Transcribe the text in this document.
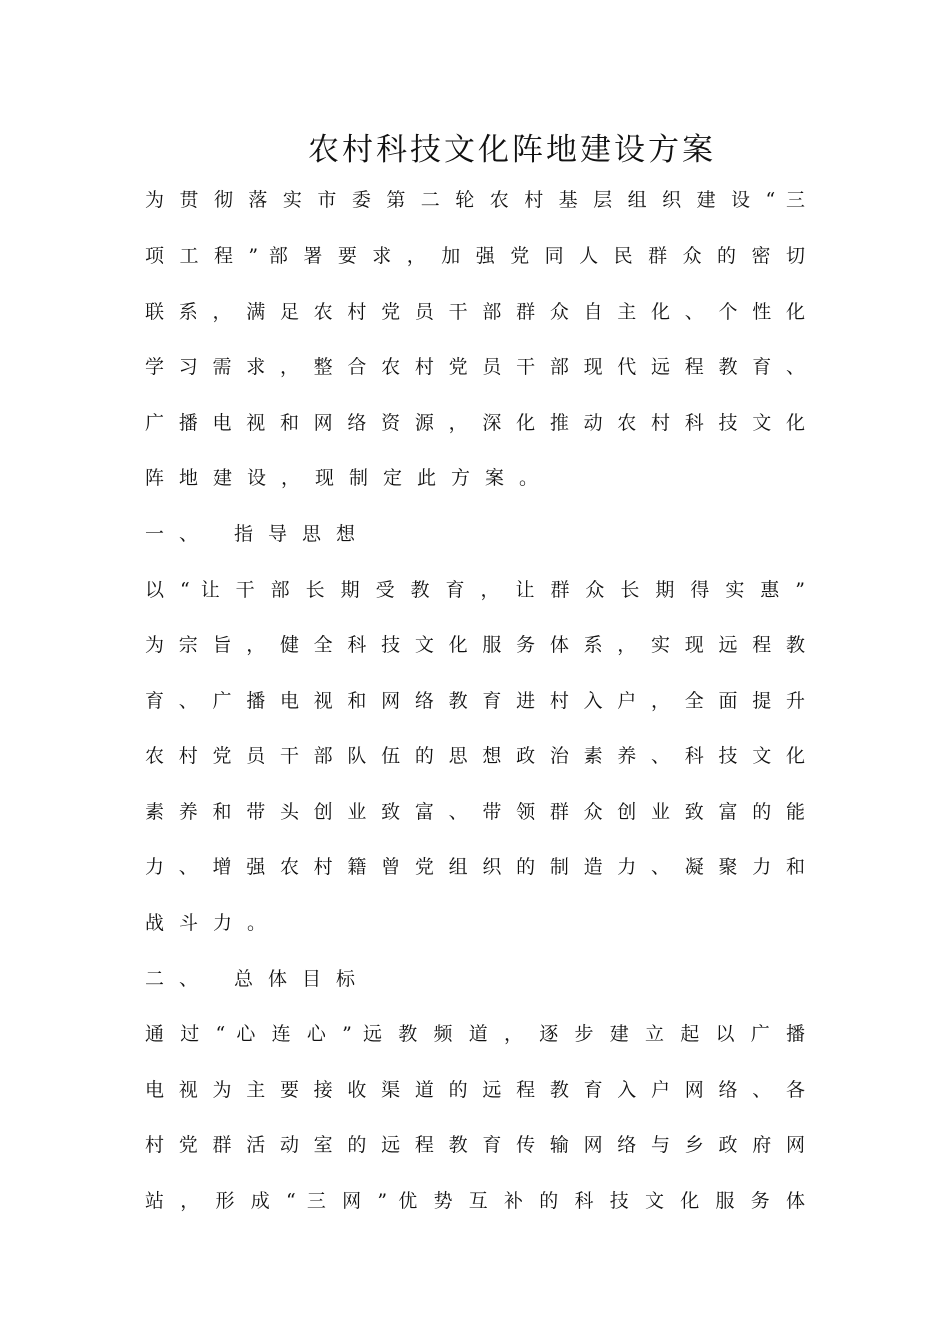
农村科技文化阵地建设方案
为 贯 彻 落 实 市 委 第 二 轮 农 村 基 层 组 织 建 设 “ 三
项 工 程 ” 部 署 要 求 ， 加 强 党 同 人 民 群 众 的 密 切
联 系 ， 满 足 农 村 党 员 干 部 群 众 自 主 化 、 个 性 化
学 习 需 求 ， 整 合 农 村 党 员 干 部 现 代 远 程 教 育 、
广 播 电 视 和 网 络 资 源 ， 深 化 推 动 农 村 科 技 文 化
阵地建设，现制定此方案。
一、 指导思想
以 “ 让 干 部 长 期 受 教 育 ， 让 群 众 长 期 得 实 惠 ”
为 宗 旨 ， 健 全 科 技 文 化 服 务 体 系 ， 实 现 远 程 教
育 、 广 播 电 视 和 网 络 教 育 进 村 入 户 ， 全 面 提 升
农 村 党 员 干 部 队 伍 的 思 想 政 治 素 养 、 科 技 文 化
素 养 和 带 头 创 业 致 富 、 带 领 群 众 创 业 致 富 的 能
力 、 增 强 农 村 籍 曾 党 组 织 的 制 造 力 、 凝 聚 力 和
战斗力。
二、 总体目标
通 过 “ 心 连 心 ” 远 教 频 道 ， 逐 步 建 立 起 以 广 播
电 视 为 主 要 接 收 渠 道 的 远 程 教 育 入 户 网 络 、 各
村 党 群 活 动 室 的 远 程 教 育 传 输 网 络 与 乡 政 府 网
站 ， 形 成 “ 三 网 ” 优 势 互 补 的 科 技 文 化 服 务 体
